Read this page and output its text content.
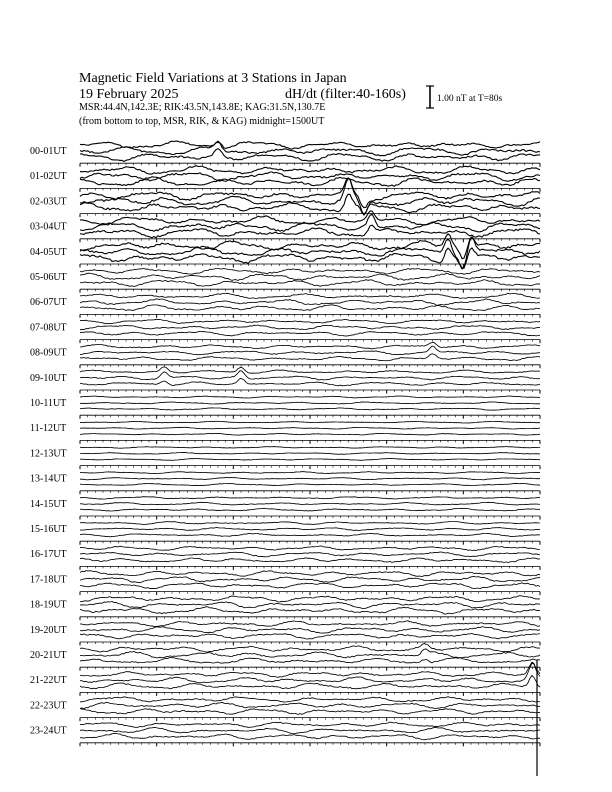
Magnetic Field Variations at 3 Stations in Japan
19 February 2025	dH/dt (filter:40-160s)
MSR:44.4N,142.3E; RIK:43.5N,143.8E; KAG:31.5N,130.7E
(from bottom to top, MSR, RIK, & KAG) midnight=1500UT
1.00 nT at T=80s
00-01UT
01-02UT
02-03UT
03-04UT
04-05UT
05-06UT
06-07UT
07-08UT
08-09UT
09-10UT
10-11UT
11-12UT
12-13UT
13-14UT
14-15UT
15-16UT
16-17UT
17-18UT
18-19UT
19-20UT
20-21UT
21-22UT
22-23UT
23-24UT
